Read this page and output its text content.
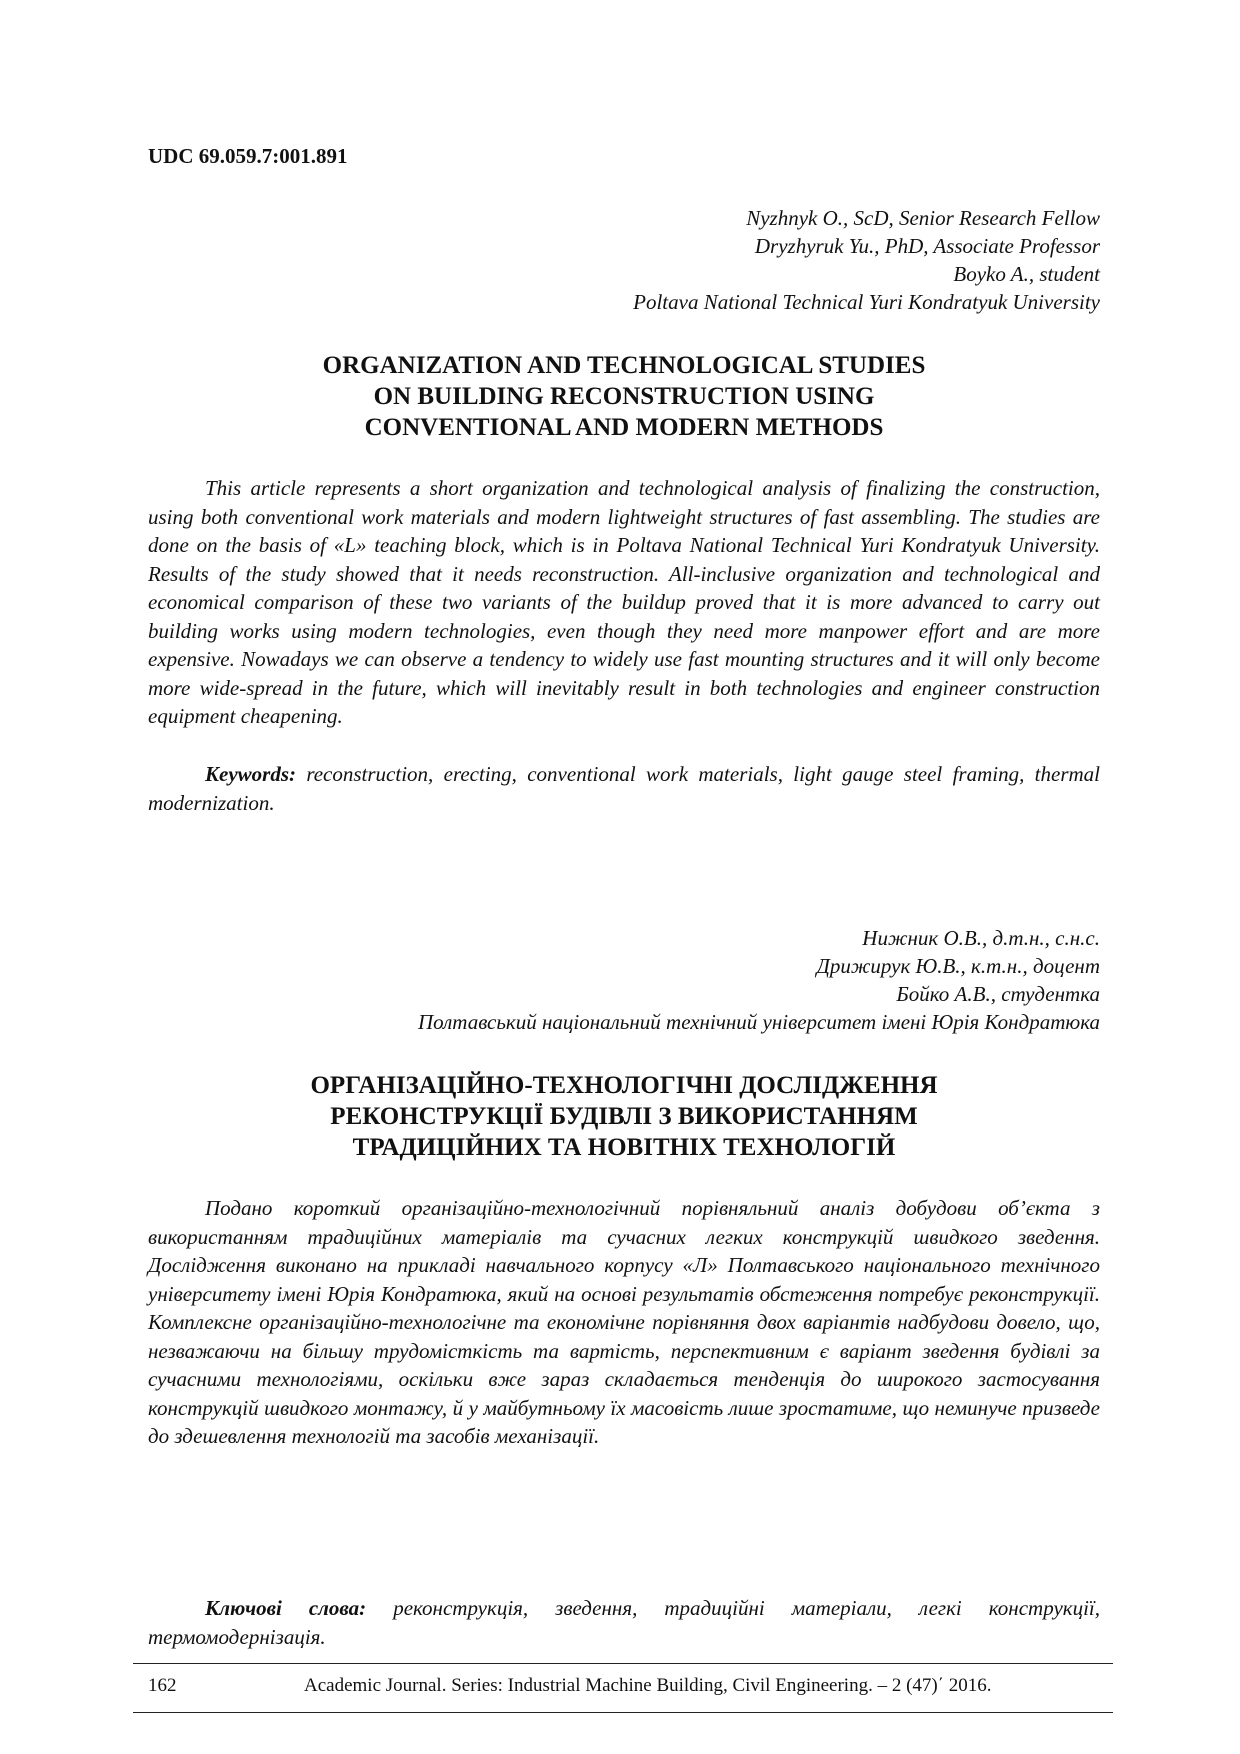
UDC 69.059.7:001.891
Nyzhnyk O., ScD, Senior Research Fellow
Dryzhyruk Yu., PhD, Associate Professor
Boyko A., student
Poltava National Technical Yuri Kondratyuk University
ORGANIZATION AND TECHNOLOGICAL STUDIES
ON BUILDING RECONSTRUCTION USING
CONVENTIONAL AND MODERN METHODS

This article represents a short organization and technological analysis of finalizing the construction, using both conventional work materials and modern lightweight structures of fast assembling. The studies are done on the basis of «L» teaching block, which is in Poltava National Technical Yuri Kondratyuk University. Results of the study showed that it needs reconstruction. All-inclusive organization and technological and economical comparison of these two variants of the buildup proved that it is more advanced to carry out building works using modern technologies, even though they need more manpower effort and are more expensive. Nowadays we can observe a tendency to widely use fast mounting structures and it will only become more wide-spread in the future, which will inevitably result in both technologies and engineer construction equipment cheapening.

Keywords: reconstruction, erecting, conventional work materials, light gauge steel framing, thermal modernization.

Нижник О.В., д.т.н., с.н.с.
Дрижирук Ю.В., к.т.н., доцент
Бойко А.В., студентка
Полтавський національний технічний університет імені Юрія Кондратюка
ОРГАНІЗАЦІЙНО-ТЕХНОЛОГІЧНІ ДОСЛІДЖЕННЯ
РЕКОНСТРУКЦІЇ БУДІВЛІ З ВИКОРИСТАННЯМ
ТРАДИЦІЙНИХ ТА НОВІТНІХ ТЕХНОЛОГІЙ

Подано короткий організаційно-технологічний порівняльний аналіз добудови об’єкта з використанням традиційних матеріалів та сучасних легких конструкцій швидкого зведення. Дослідження виконано на прикладі навчального корпусу «Л» Полтавського національного технічного університету імені Юрія Кондратюка, який на основі результатів обстеження потребує реконструкції. Комплексне організаційно-технологічне та економічне порівняння двох варіантів надбудови довело, що, незважаючи на більшу трудомісткість та вартість, перспективним є варіант зведення будівлі за сучасними технологіями, оскільки вже зараз складається тенденція до широкого застосування конструкцій швидкого монтажу, й у майбутньому їх масовість лише зростатиме, що неминуче призведе до здешевлення технологій та засобів механізації.

Ключові слова: реконструкція, зведення, традиційні матеріали, легкі конструкції, термомодернізація.

162	Academic Journal. Series: Industrial Machine Building, Civil Engineering. – 2 (47)΄ 2016.
